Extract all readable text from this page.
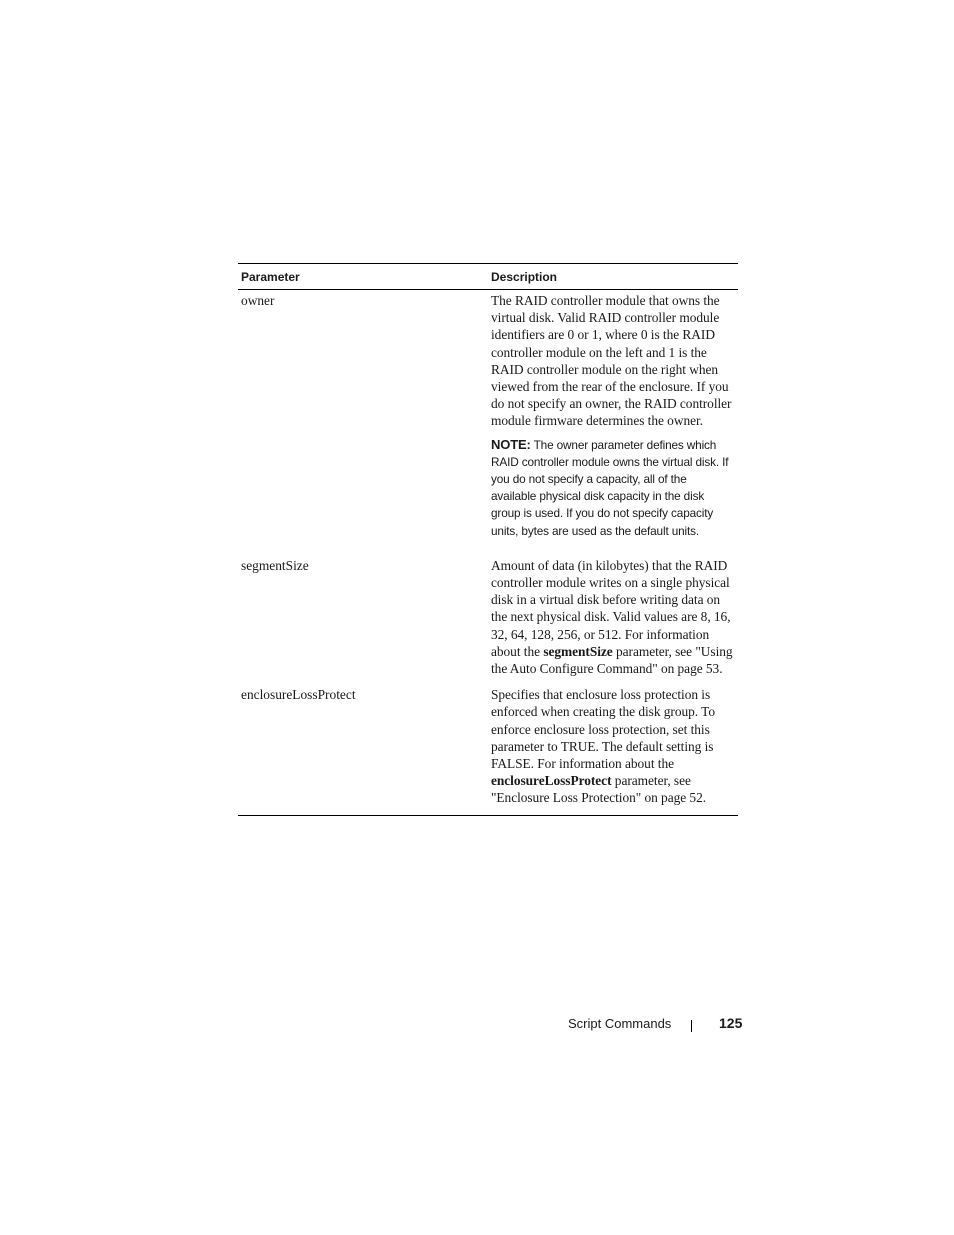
Parameter	Description
owner	The RAID controller module that owns the virtual disk. Valid RAID controller module identifiers are 0 or 1, where 0 is the RAID controller module on the left and 1 is the RAID controller module on the right when viewed from the rear of the enclosure. If you do not specify an owner, the RAID controller module firmware determines the owner.
NOTE: The owner parameter defines which RAID controller module owns the virtual disk. If you do not specify a capacity, all of the available physical disk capacity in the disk group is used. If you do not specify capacity units, bytes are used as the default units.
segmentSize	Amount of data (in kilobytes) that the RAID controller module writes on a single physical disk in a virtual disk before writing data on the next physical disk. Valid values are 8, 16, 32, 64, 128, 256, or 512. For information about the segmentSize parameter, see "Using the Auto Configure Command" on page 53.
enclosureLossProtect	Specifies that enclosure loss protection is enforced when creating the disk group. To enforce enclosure loss protection, set this parameter to TRUE. The default setting is FALSE. For information about the enclosureLossProtect parameter, see "Enclosure Loss Protection" on page 52.
Script Commands	125
